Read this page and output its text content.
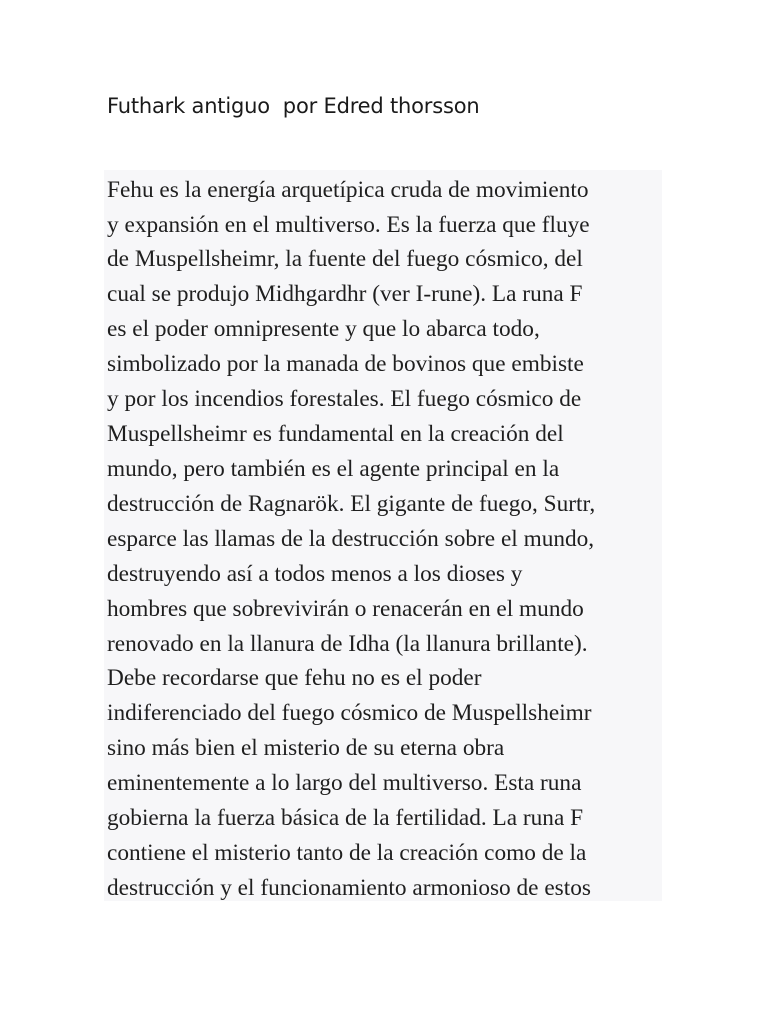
Futhark antiguo  por Edred thorsson
Fehu es la energía arquetípica cruda de movimiento
y expansión en el multiverso. Es la fuerza que fluye
de Muspellsheimr, la fuente del fuego cósmico, del
cual se produjo Midhgardhr (ver I-rune). La runa F
es el poder omnipresente y que lo abarca todo,
simbolizado por la manada de bovinos que embiste
y por los incendios forestales. El fuego cósmico de
Muspellsheimr es fundamental en la creación del
mundo, pero también es el agente principal en la
destrucción de Ragnarök. El gigante de fuego, Surtr,
esparce las llamas de la destrucción sobre el mundo,
destruyendo así a todos menos a los dioses y
hombres que sobrevivirán o renacerán en el mundo
renovado en la llanura de Idha (la llanura brillante).
Debe recordarse que fehu no es el poder
indiferenciado del fuego cósmico de Muspellsheimr
sino más bien el misterio de su eterna obra
eminentemente a lo largo del multiverso. Esta runa
gobierna la fuerza básica de la fertilidad. La runa F
contiene el misterio tanto de la creación como de la
destrucción y el funcionamiento armonioso de estos
